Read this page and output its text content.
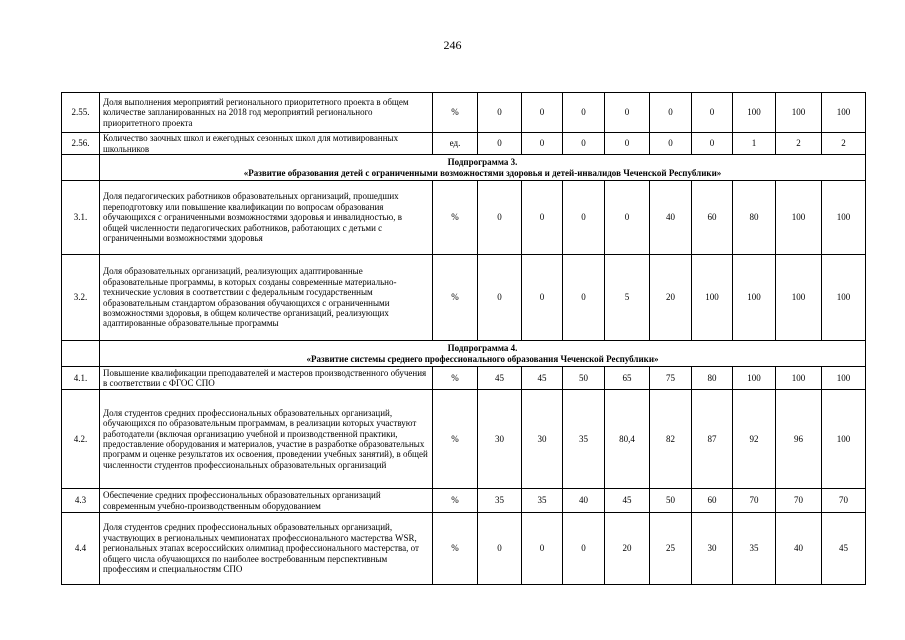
246
2.55.	Доля выполнения мероприятий регионального приоритетного проекта в общем количестве запланированных на 2018 год мероприятий регионального приоритетного проекта	%	0	0	0	0	0	0	100	100	100
2.56.	Количество заочных школ и ежегодных сезонных школ для мотивированных школьников	ед.	0	0	0	0	0	0	1	2	2

	Подпрограмма 3.
«Развитие образования детей с ограниченными возможностями здоровья и детей-инвалидов Чеченской Республики»										

3.1.	Доля педагогических работников образовательных организаций, прошедших переподготовку или повышение квалификации по вопросам образования обучающихся с ограниченными возможностями здоровья и инвалидностью, в общей численности педагогических работников, работающих с детьми с ограниченными возможностями здоровья	%	0	0	0	0	40	60	80	100	100
3.2.	Доля образовательных организаций, реализующих адаптированные образовательные программы, в которых созданы современные материально-технические условия в соответствии с федеральным государственным образовательным стандартом образования обучающихся с ограниченными возможностями здоровья, в общем количестве организаций, реализующих адаптированные образовательные программы	%	0	0	0	5	20	100	100	100	100

	Подпрограмма 4.
«Развитие системы среднего профессионального образования Чеченской Республики»										

4.1.	Повышение квалификации преподавателей и мастеров производственного обучения в соответствии с ФГОС СПО	%	45	45	50	65	75	80	100	100	100
4.2.	Доля студентов средних профессиональных образовательных организаций, обучающихся по образовательным программам, в реализации которых участвуют работодатели (включая организацию учебной и производственной практики, предоставление оборудования и материалов, участие в разработке образовательных программ и оценке результатов их освоения, проведении учебных занятий), в общей численности студентов профессиональных образовательных организаций	%	30	30	35	80,4	82	87	92	96	100
4.3	Обеспечение средних профессиональных образовательных организаций современным учебно-производственным оборудованием	%	35	35	40	45	50	60	70	70	70
4.4	Доля студентов средних профессиональных образовательных организаций, участвующих в региональных чемпионатах профессионального мастерства WSR, региональных этапах всероссийских олимпиад профессионального мастерства, от общего числа обучающихся по наиболее востребованным перспективным профессиям и специальностям СПО	%	0	0	0	20	25	30	35	40	45
